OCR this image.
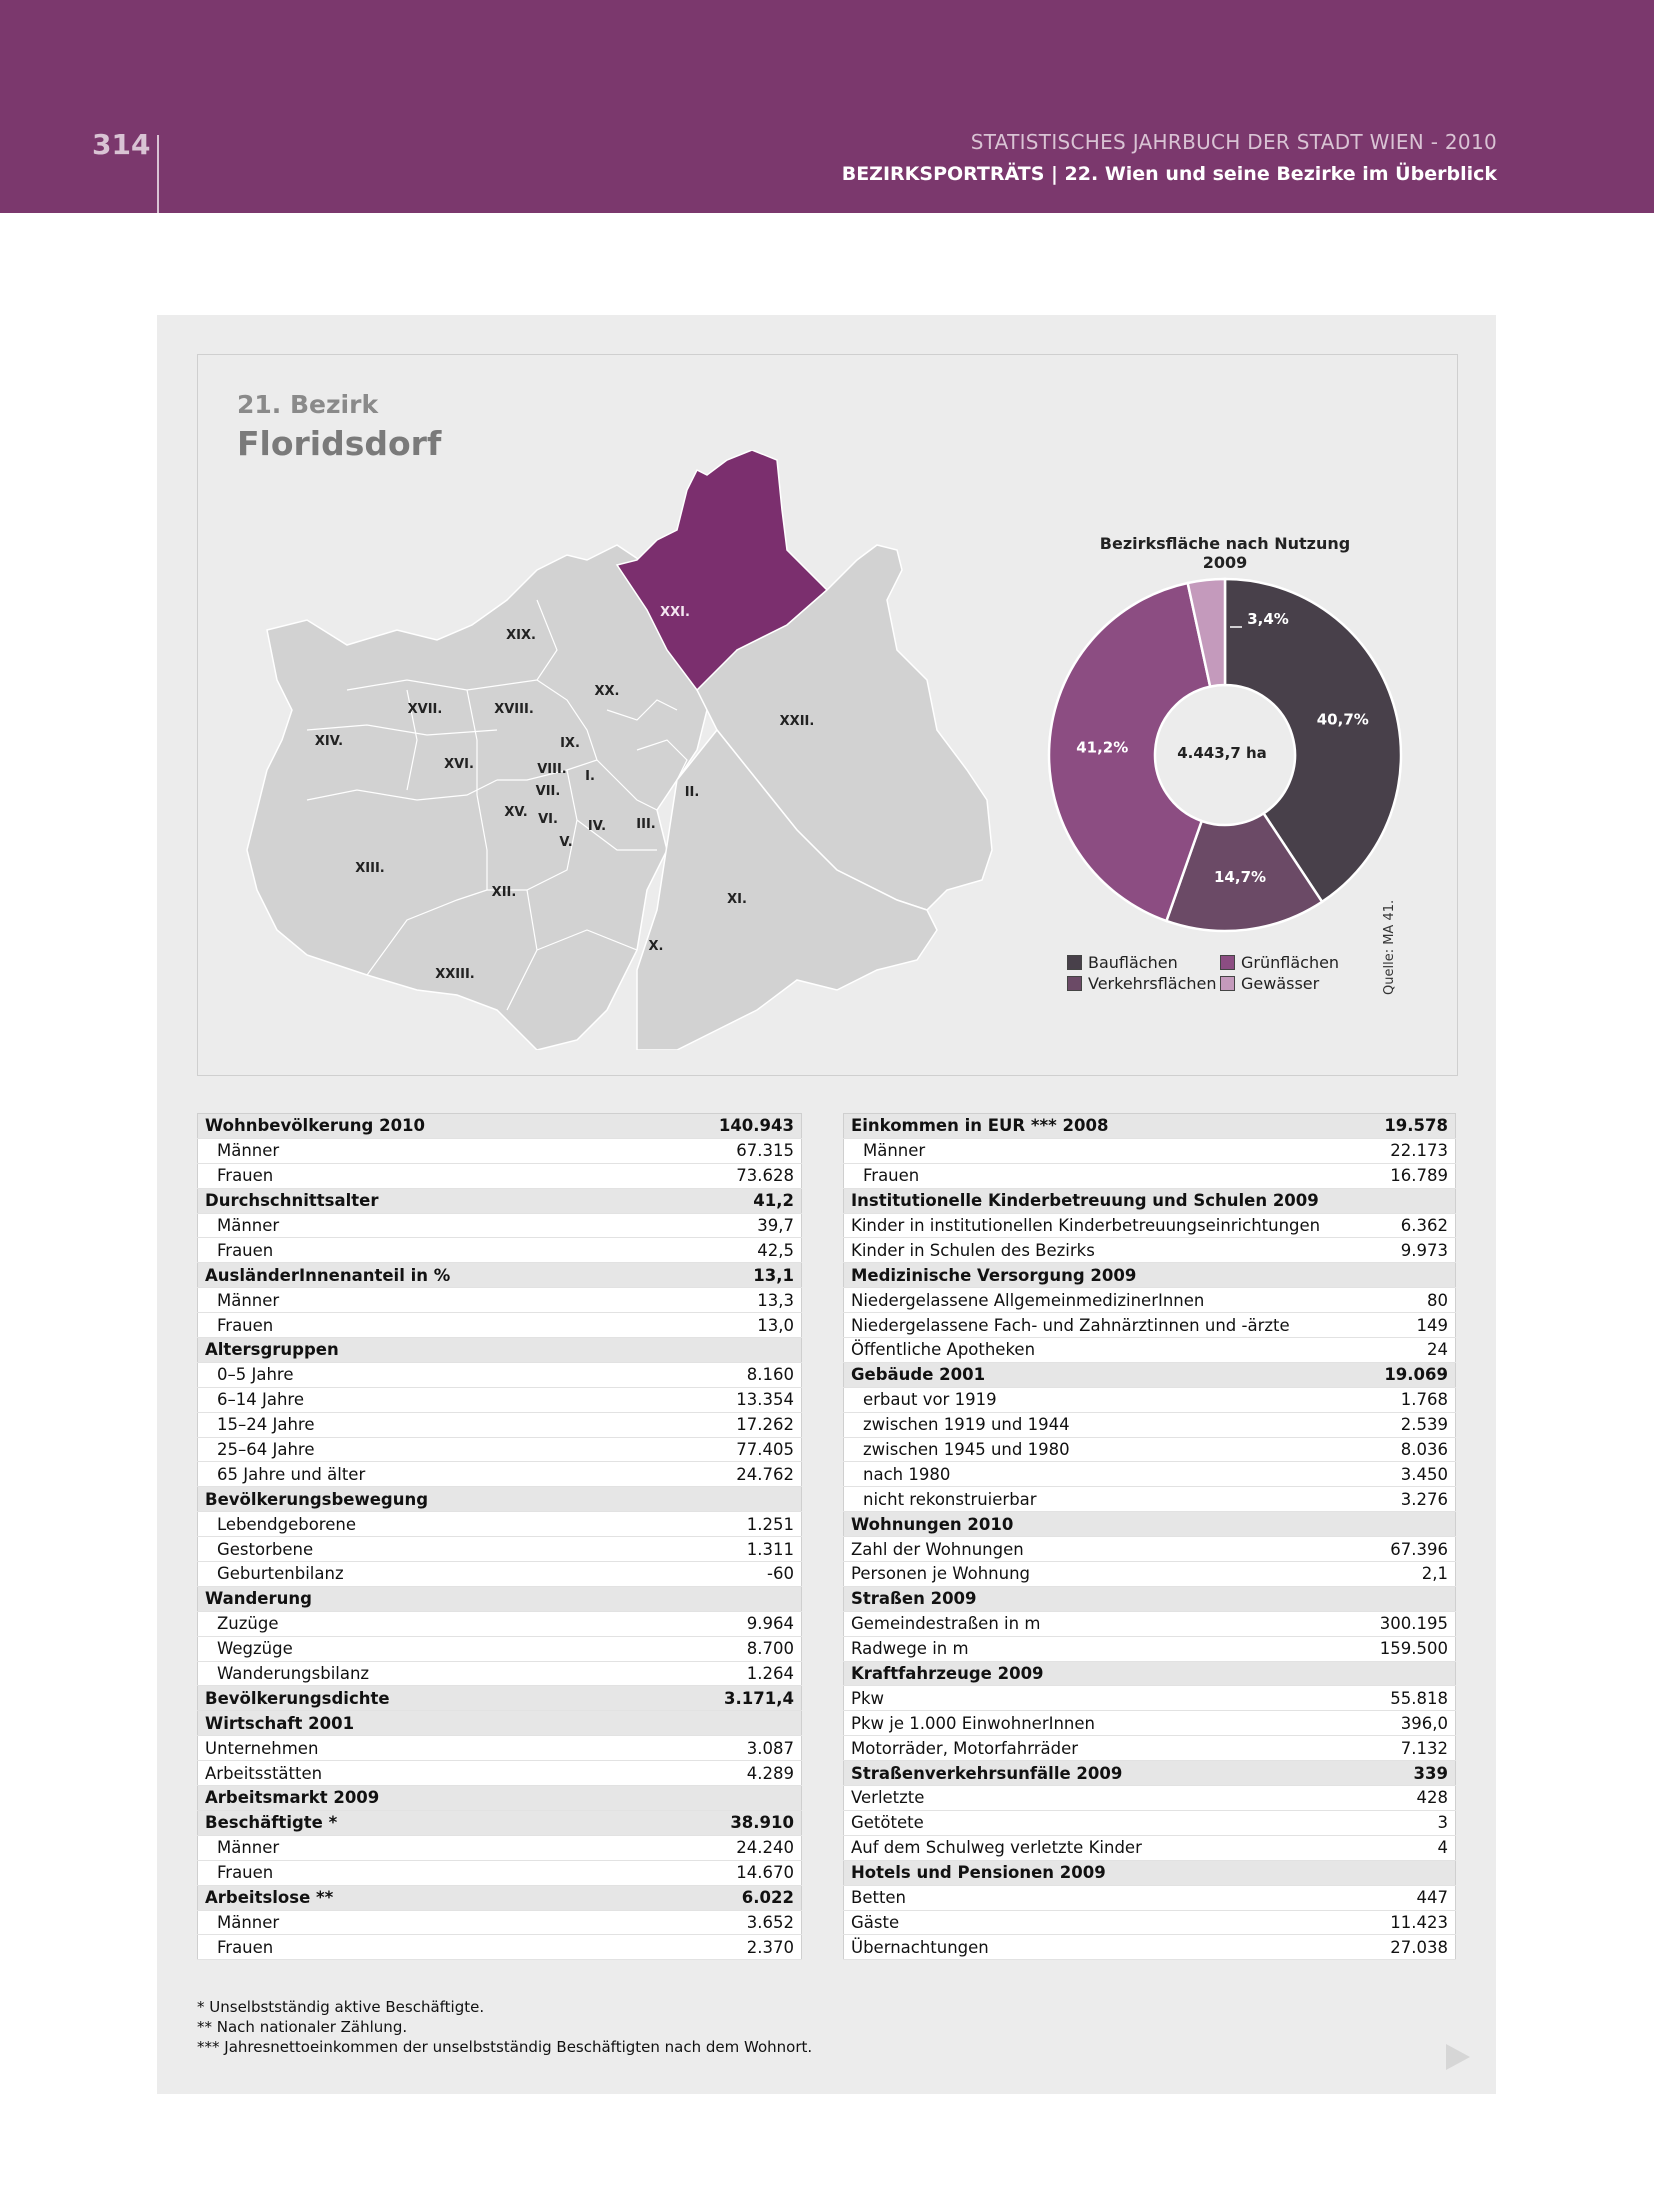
314	STATISTISCHES JAHRBUCH DER STADT WIEN - 2010
BEZIRKSPORTRÄTS | 22. Wien und seine Bezirke im Überblick
21. Bezirk
Floridsdorf
XIX.
XXI.
XX.
XXII.
XVII.	XVIII.
XIV.	IX.
XVI.	VIII. I.
VII.	II.
XV. VI. IV. III.
V.
XIII.
XII.	XI.
X.
XXIII.
Bezirksfläche nach Nutzung 2009
40,7%
14,7%
41,2%
3,4%
4.443,7 ha
Bauflächen	Grünflächen
Verkehrsflächen Gewässer	Quelle: MA 41.
Wohnbevölkerung 2010	140.943
Männer	67.315
Frauen	73.628
Durchschnittsalter	41,2
Männer	39,7
Frauen	42,5
AusländerInnenanteil in %	13,1
Männer	13,3
Frauen	13,0
Altersgruppen	
0–5 Jahre	8.160
6–14 Jahre	13.354
15–24 Jahre	17.262
25–64 Jahre	77.405
65 Jahre und älter	24.762
Bevölkerungsbewegung	
Lebendgeborene	1.251
Gestorbene	1.311
Geburtenbilanz	-60
Wanderung	
Zuzüge	9.964
Wegzüge	8.700
Wanderungsbilanz	1.264
Bevölkerungsdichte	3.171,4
Wirtschaft 2001	
Unternehmen	3.087
Arbeitsstätten	4.289
Arbeitsmarkt 2009	
Beschäftigte *	38.910
Männer	24.240
Frauen	14.670
Arbeitslose **	6.022
Männer	3.652
Frauen	2.370
Einkommen in EUR *** 2008	19.578
Männer	22.173
Frauen	16.789
Institutionelle Kinderbetreuung und Schulen 2009	
Kinder in institutionellen Kinderbetreuungseinrichtungen	6.362
Kinder in Schulen des Bezirks	9.973
Medizinische Versorgung 2009	
Niedergelassene AllgemeinmedizinerInnen	80
Niedergelassene Fach- und Zahnärztinnen und -ärzte	149
Öffentliche Apotheken	24
Gebäude 2001	19.069
erbaut vor 1919	1.768
zwischen 1919 und 1944	2.539
zwischen 1945 und 1980	8.036
nach 1980	3.450
nicht rekonstruierbar	3.276
Wohnungen 2010	
Zahl der Wohnungen	67.396
Personen je Wohnung	2,1
Straßen 2009	
Gemeindestraßen in m	300.195
Radwege in m	159.500
Kraftfahrzeuge 2009	
Pkw	55.818
Pkw je 1.000 EinwohnerInnen	396,0
Motorräder, Motorfahrräder	7.132
Straßenverkehrsunfälle 2009	339
Verletzte	428
Getötete	3
Auf dem Schulweg verletzte Kinder	4
Hotels und Pensionen 2009	
Betten	447
Gäste	11.423
Übernachtungen	27.038
* Unselbstständig aktive Beschäftigte.
** Nach nationaler Zählung.
*** Jahresnettoeinkommen der unselbstständig Beschäftigten nach dem Wohnort.
